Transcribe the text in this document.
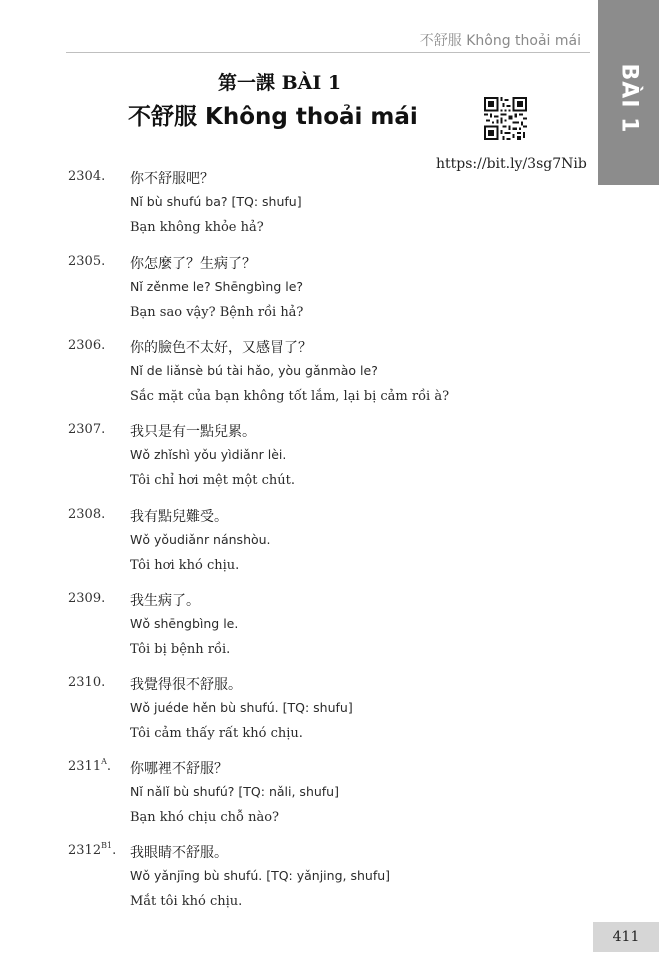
不舒服 Không thoải mái
BÀI 1
第一課 BÀI 1
不舒服 Không thoải mái
https://bit.ly/3sg7Nib
2304. 你不舒服吧？
Nǐ bù shufú ba? [TQ: shufu]
Bạn không khỏe hả?
2305. 你怎麼了？生病了？
Nǐ zěnme le? Shēngbìng le?
Bạn sao vậy? Bệnh rồi hả?
2306. 你的臉色不太好，又感冒了？
Nǐ de liǎnsè bú tài hǎo, yòu gǎnmào le?
Sắc mặt của bạn không tốt lắm, lại bị cảm rồi à?
2307. 我只是有一點兒累。
Wǒ zhǐshì yǒu yìdiǎnr lèi.
Tôi chỉ hơi mệt một chút.
2308. 我有點兒難受。
Wǒ yǒudiǎnr nánshòu.
Tôi hơi khó chịu.
2309. 我生病了。
Wǒ shēngbìng le.
Tôi bị bệnh rồi.
2310. 我覺得很不舒服。
Wǒ juéde hěn bù shufú. [TQ: shufu]
Tôi cảm thấy rất khó chịu.
$2311^A$. 你哪裡不舒服？
Nǐ nǎlǐ bù shufú? [TQ: nǎli, shufu]
Bạn khó chịu chỗ nào?
$2312^{B1}$. 我眼睛不舒服。
Wǒ yǎnjīng bù shufú. [TQ: yǎnjing, shufu]
Mắt tôi khó chịu.
411
